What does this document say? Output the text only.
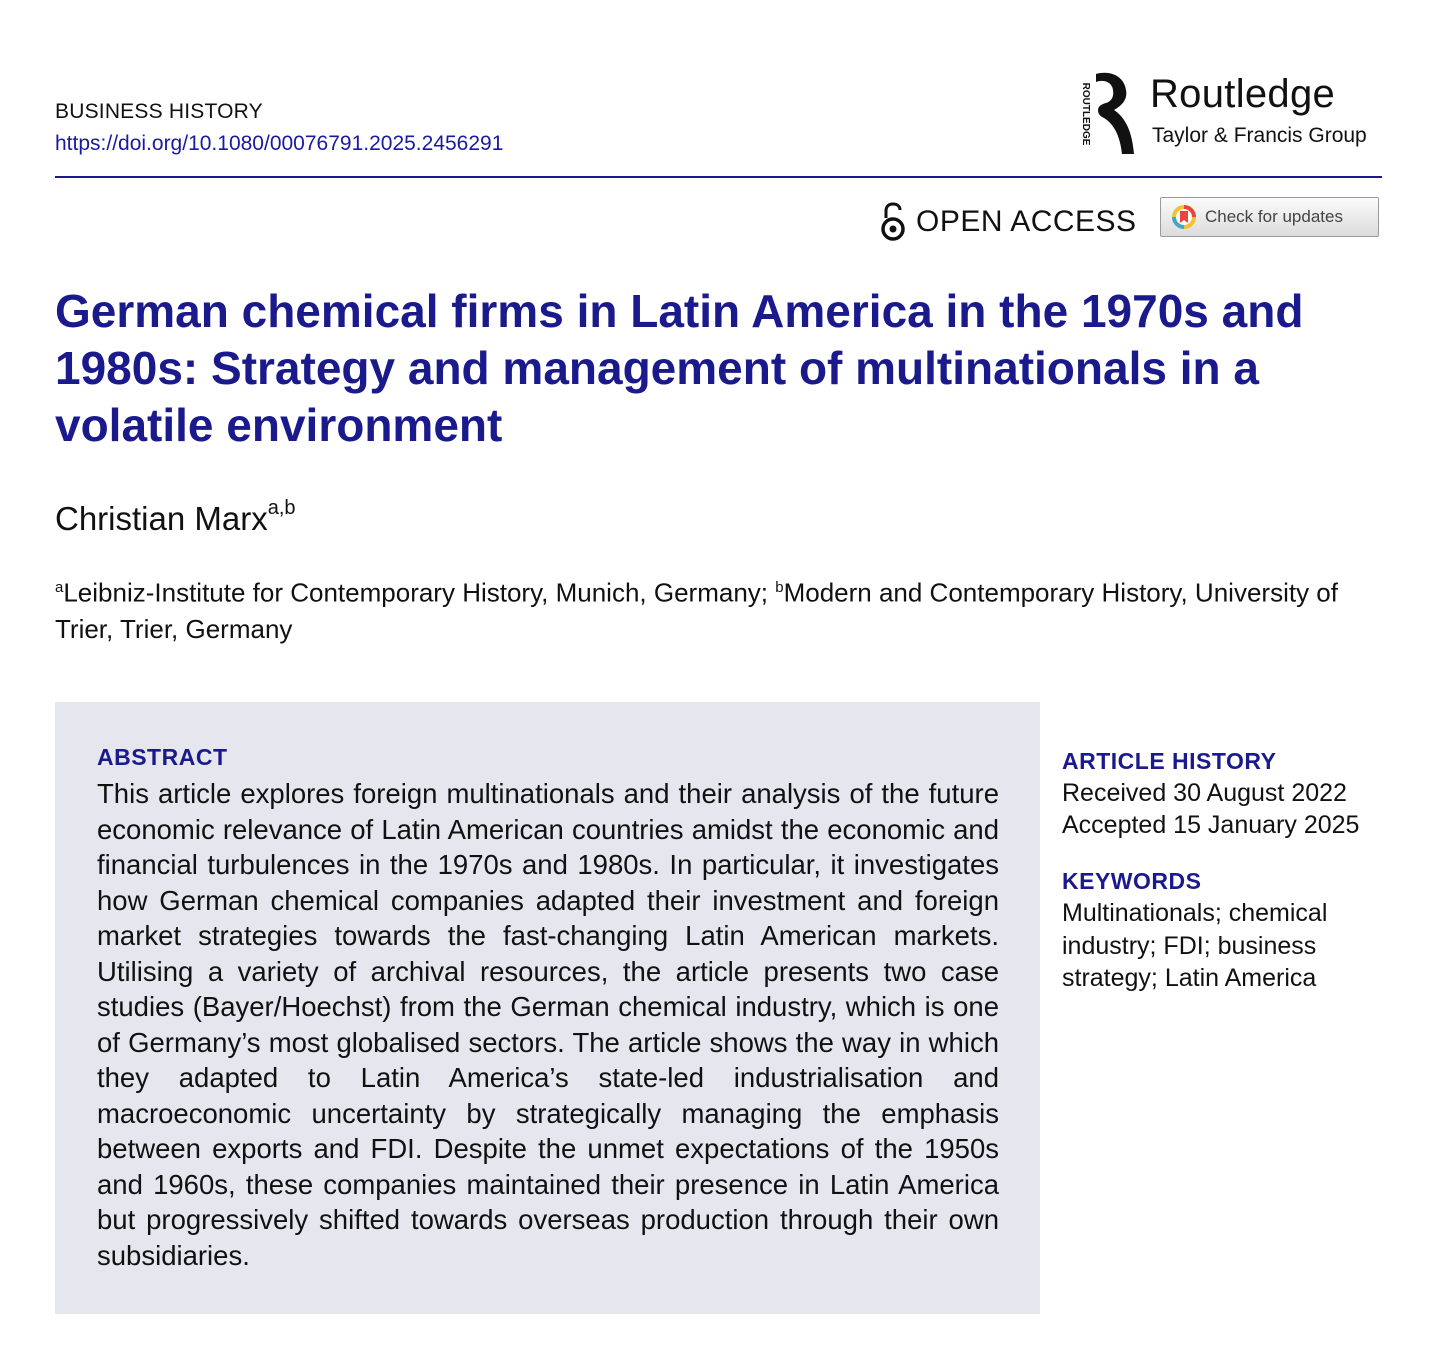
BUSINESS HISTORY
https://doi.org/10.1080/00076791.2025.2456291	ROUTLEDGE Routledge
Taylor & Francis Group
OPEN ACCESS	Check for updates
German chemical firms in Latin America in the 1970s and 1980s: Strategy and management of multinationals in a volatile environment
Christian Marx$^{a,b}$
$^a$Leibniz-Institute for Contemporary History, Munich, Germany; $^b$Modern and Contemporary History, University of Trier, Trier, Germany
ABSTRACT

This article explores foreign multinationals and their analysis of the future economic relevance of Latin American countries amidst the economic and financial turbulences in the 1970s and 1980s. In particular, it investigates how German chemical companies adapted their investment and foreign market strategies towards the fast-changing Latin American markets. Utilising a variety of archival resources, the article presents two case studies (Bayer/Hoechst) from the German chemical industry, which is one of Germany’s most globalised sectors. The article shows the way in which they adapted to Latin America’s state-led industrialisation and macroeconomic uncertainty by strategically managing the emphasis between exports and FDI. Despite the unmet expectations of the 1950s and 1960s, these companies maintained their presence in Latin America but progressively shifted towards overseas production through their own subsidiaries.

ARTICLE HISTORY
Received 30 August 2022
Accepted 15 January 2025
KEYWORDS
Multinationals; chemical industry; FDI; business strategy; Latin America
